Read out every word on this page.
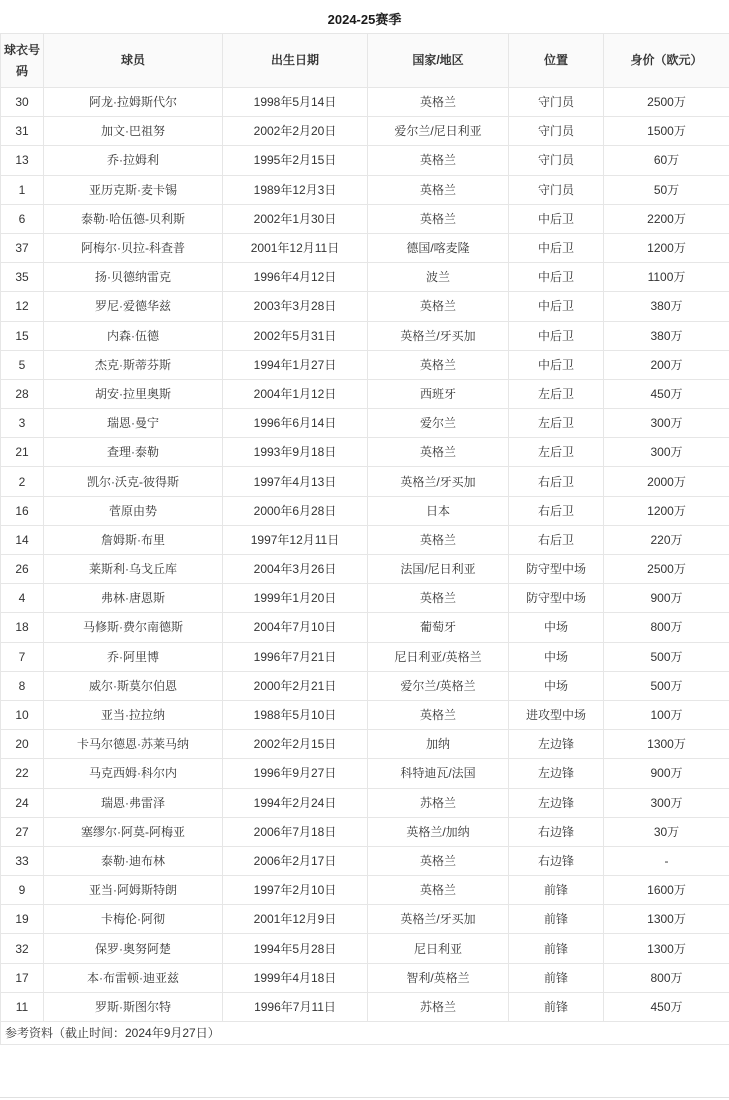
2024-25赛季
球衣号码	球员	出生日期	国家/地区	位置	身价（欧元）
30	阿龙·拉姆斯代尔	1998年5月14日	英格兰	守门员	2500万
31	加文·巴祖努	2002年2月20日	爱尔兰/尼日利亚	守门员	1500万
13	乔·拉姆利	1995年2月15日	英格兰	守门员	60万
1	亚历克斯·麦卡锡	1989年12月3日	英格兰	守门员	50万
6	泰勒·哈伍德-贝利斯	2002年1月30日	英格兰	中后卫	2200万
37	阿梅尔·贝拉-科查普	2001年12月11日	德国/喀麦隆	中后卫	1200万
35	扬·贝德纳雷克	1996年4月12日	波兰	中后卫	1100万
12	罗尼·爱德华兹	2003年3月28日	英格兰	中后卫	380万
15	内森·伍德	2002年5月31日	英格兰/牙买加	中后卫	380万
5	杰克·斯蒂芬斯	1994年1月27日	英格兰	中后卫	200万
28	胡安·拉里奥斯	2004年1月12日	西班牙	左后卫	450万
3	瑞恩·曼宁	1996年6月14日	爱尔兰	左后卫	300万
21	查理·泰勒	1993年9月18日	英格兰	左后卫	300万
2	凯尔·沃克-彼得斯	1997年4月13日	英格兰/牙买加	右后卫	2000万
16	菅原由势	2000年6月28日	日本	右后卫	1200万
14	詹姆斯·布里	1997年12月11日	英格兰	右后卫	220万
26	莱斯利·乌戈丘库	2004年3月26日	法国/尼日利亚	防守型中场	2500万
4	弗林·唐恩斯	1999年1月20日	英格兰	防守型中场	900万
18	马修斯·费尔南德斯	2004年7月10日	葡萄牙	中场	800万
7	乔·阿里博	1996年7月21日	尼日利亚/英格兰	中场	500万
8	威尔·斯莫尔伯恩	2000年2月21日	爱尔兰/英格兰	中场	500万
10	亚当·拉拉纳	1988年5月10日	英格兰	进攻型中场	100万
20	卡马尔德恩·苏莱马纳	2002年2月15日	加纳	左边锋	1300万
22	马克西姆·科尔内	1996年9月27日	科特迪瓦/法国	左边锋	900万
24	瑞恩·弗雷泽	1994年2月24日	苏格兰	左边锋	300万
27	塞缪尔·阿莫-阿梅亚	2006年7月18日	英格兰/加纳	右边锋	30万
33	泰勒·迪布林	2006年2月17日	英格兰	右边锋	-
9	亚当·阿姆斯特朗	1997年2月10日	英格兰	前锋	1600万
19	卡梅伦·阿彻	2001年12月9日	英格兰/牙买加	前锋	1300万
32	保罗·奥努阿楚	1994年5月28日	尼日利亚	前锋	1300万
17	本·布雷顿·迪亚兹	1999年4月18日	智利/英格兰	前锋	800万
11	罗斯·斯图尔特	1996年7月11日	苏格兰	前锋	450万
参考资料（截止时间：2024年9月27日）					
